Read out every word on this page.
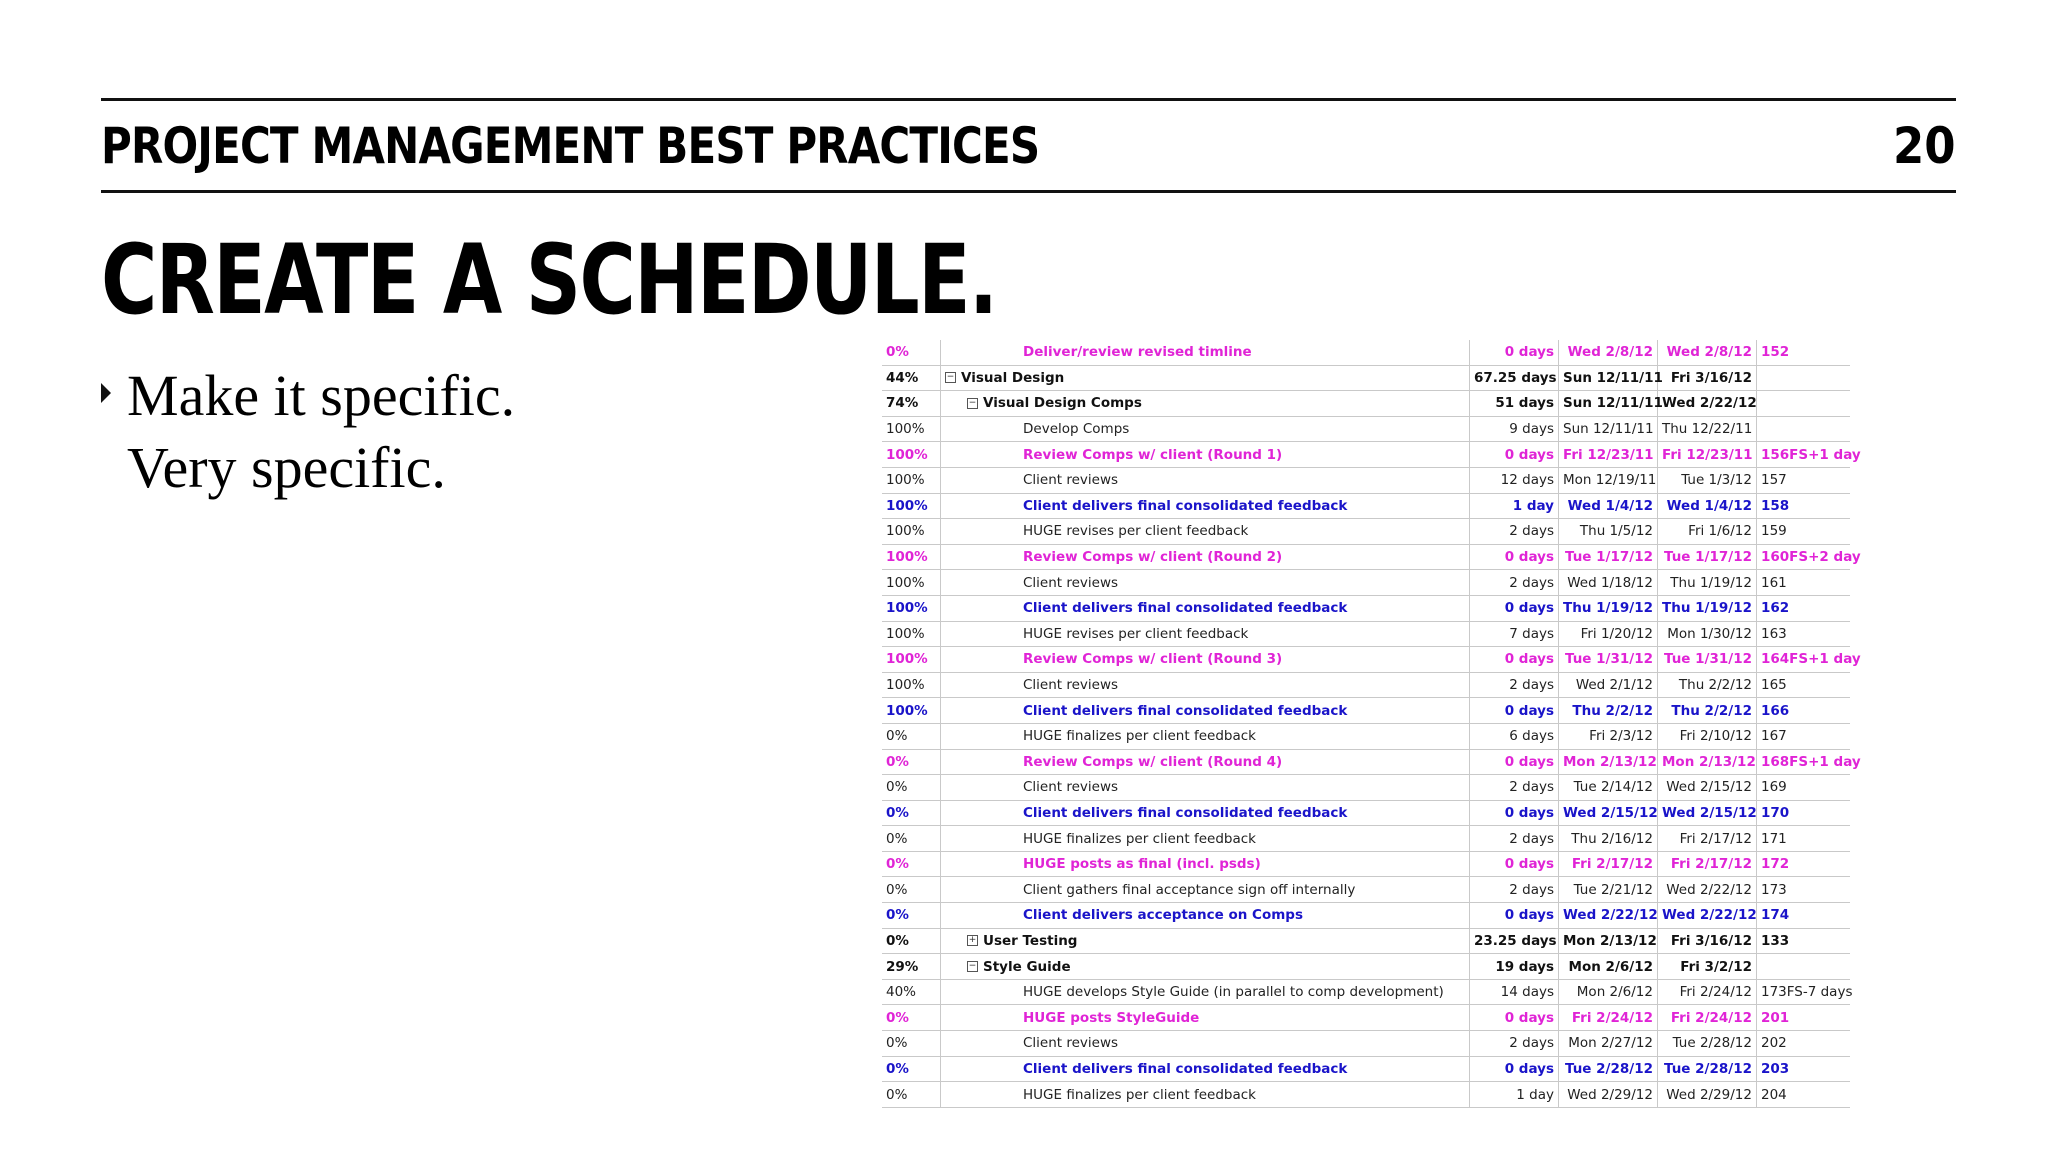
PROJECT MANAGEMENT BEST PRACTICES	20
CREATE A SCHEDULE.
Make it specific.
Very specific.
0%	Deliver/review revised timline	0 days	Wed 2/8/12	Wed 2/8/12	152
44%	−Visual Design	67.25 days	Sun 12/11/11	Fri 3/16/12	
74%	−Visual Design Comps	51 days	Sun 12/11/11	Wed 2/22/12	
100%	Develop Comps	9 days	Sun 12/11/11	Thu 12/22/11	
100%	Review Comps w/ client (Round 1)	0 days	Fri 12/23/11	Fri 12/23/11	156FS+1 day
100%	Client reviews	12 days	Mon 12/19/11	Tue 1/3/12	157
100%	Client delivers final consolidated feedback	1 day	Wed 1/4/12	Wed 1/4/12	158
100%	HUGE revises per client feedback	2 days	Thu 1/5/12	Fri 1/6/12	159
100%	Review Comps w/ client (Round 2)	0 days	Tue 1/17/12	Tue 1/17/12	160FS+2 day
100%	Client reviews	2 days	Wed 1/18/12	Thu 1/19/12	161
100%	Client delivers final consolidated feedback	0 days	Thu 1/19/12	Thu 1/19/12	162
100%	HUGE revises per client feedback	7 days	Fri 1/20/12	Mon 1/30/12	163
100%	Review Comps w/ client (Round 3)	0 days	Tue 1/31/12	Tue 1/31/12	164FS+1 day
100%	Client reviews	2 days	Wed 2/1/12	Thu 2/2/12	165
100%	Client delivers final consolidated feedback	0 days	Thu 2/2/12	Thu 2/2/12	166
0%	HUGE finalizes per client feedback	6 days	Fri 2/3/12	Fri 2/10/12	167
0%	Review Comps w/ client (Round 4)	0 days	Mon 2/13/12	Mon 2/13/12	168FS+1 day
0%	Client reviews	2 days	Tue 2/14/12	Wed 2/15/12	169
0%	Client delivers final consolidated feedback	0 days	Wed 2/15/12	Wed 2/15/12	170
0%	HUGE finalizes per client feedback	2 days	Thu 2/16/12	Fri 2/17/12	171
0%	HUGE posts as final (incl. psds)	0 days	Fri 2/17/12	Fri 2/17/12	172
0%	Client gathers final acceptance sign off internally	2 days	Tue 2/21/12	Wed 2/22/12	173
0%	Client delivers acceptance on Comps	0 days	Wed 2/22/12	Wed 2/22/12	174
0%	+User Testing	23.25 days	Mon 2/13/12	Fri 3/16/12	133
29%	−Style Guide	19 days	Mon 2/6/12	Fri 3/2/12	
40%	HUGE develops Style Guide (in parallel to comp development)	14 days	Mon 2/6/12	Fri 2/24/12	173FS-7 days
0%	HUGE posts StyleGuide	0 days	Fri 2/24/12	Fri 2/24/12	201
0%	Client reviews	2 days	Mon 2/27/12	Tue 2/28/12	202
0%	Client delivers final consolidated feedback	0 days	Tue 2/28/12	Tue 2/28/12	203
0%	HUGE finalizes per client feedback	1 day	Wed 2/29/12	Wed 2/29/12	204
